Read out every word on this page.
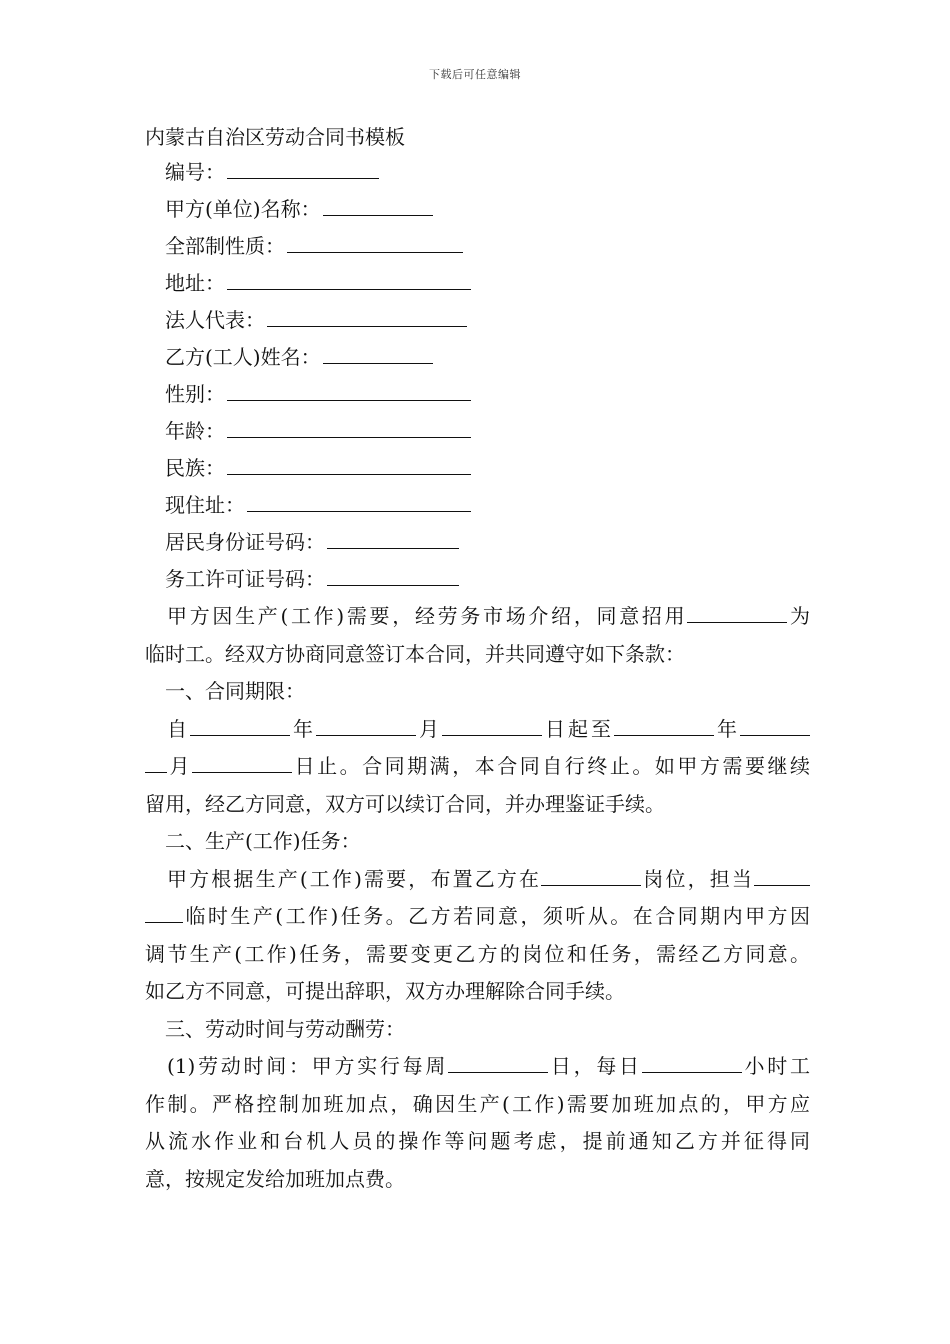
下载后可任意编辑
内蒙古自治区劳动合同书模板
编号：
甲方(单位)名称：
全部制性质：
地址：
法人代表：
乙方(工人)姓名：
性别：
年龄：
民族：
现住址：
居民身份证号码：
务工许可证号码：
甲方因生产(工作)需要，经劳务市场介绍，同意招用	为
临时工。经双方协商同意签订本合同，并共同遵守如下条款：
一、合同期限：
自	年	月	日起至	年
月	日止。合同期满，本合同自行终止。如甲方需要继续
留用，经乙方同意，双方可以续订合同，并办理鉴证手续。
二、生产(工作)任务：
甲方根据生产(工作)需要，布置乙方在	岗位，担当
临时生产(工作)任务。乙方若同意，须听从。在合同期内甲方因
调节生产(工作)任务，需要变更乙方的岗位和任务，需经乙方同意。
如乙方不同意，可提出辞职，双方办理解除合同手续。
三、劳动时间与劳动酬劳：
(1)劳动时间：甲方实行每周	日，每日	小时工
作制。严格控制加班加点，确因生产(工作)需要加班加点的，甲方应
从流水作业和台机人员的操作等问题考虑，提前通知乙方并征得同
意，按规定发给加班加点费。
